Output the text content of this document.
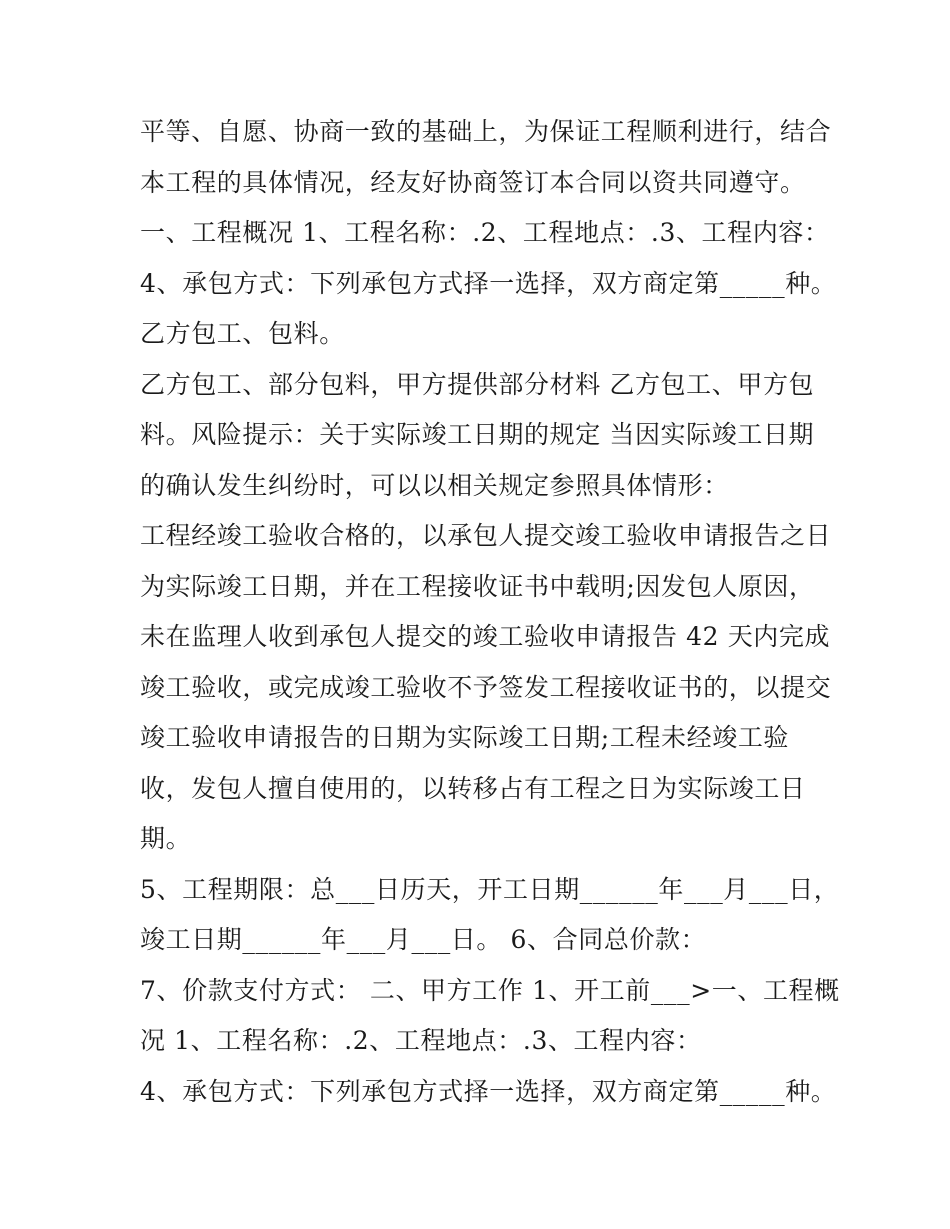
平等、自愿、协商一致的基础上，为保证工程顺利进行，结合
本工程的具体情况，经友好协商签订本合同以资共同遵守。
一、工程概况 1、工程名称：.2、工程地点：.3、工程内容：
4、承包方式：下列承包方式择一选择，双方商定第_____种。
乙方包工、包料。
乙方包工、部分包料，甲方提供部分材料 乙方包工、甲方包
料。风险提示：关于实际竣工日期的规定 当因实际竣工日期
的确认发生纠纷时，可以以相关规定参照具体情形：
工程经竣工验收合格的，以承包人提交竣工验收申请报告之日
为实际竣工日期，并在工程接收证书中载明;因发包人原因，
未在监理人收到承包人提交的竣工验收申请报告 42 天内完成
竣工验收，或完成竣工验收不予签发工程接收证书的，以提交
竣工验收申请报告的日期为实际竣工日期;工程未经竣工验
收，发包人擅自使用的，以转移占有工程之日为实际竣工日
期。
5、工程期限：总___日历天，开工日期______年___月___日，
竣工日期______年___月___日。 6、合同总价款：
7、价款支付方式： 二、甲方工作 1、开工前___>一、工程概
况 1、工程名称：.2、工程地点：.3、工程内容：
4、承包方式：下列承包方式择一选择，双方商定第_____种。
